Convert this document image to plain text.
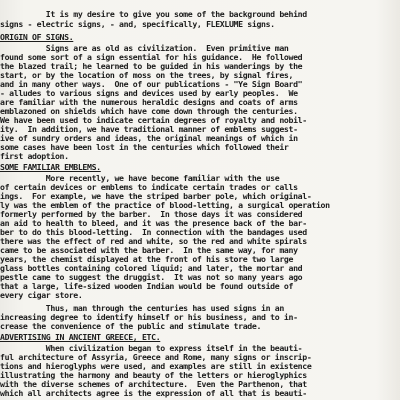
It is my desire to give you some of the background behind

signs - electric signs, - and, specifically, FLEXLUME signs.

ORIGIN OF SIGNS.

Signs are as old as civilization.  Even primitive man

found some sort of a sign essential for his guidance.  He followed

the blazed trail; he learned to be guided in his wanderings by the

start, or by the location of moss on the trees, by signal fires,

and in many other ways.  One of our publications - "Ye Sign Board"

- alludes to various signs and devices used by early peoples.  We

are familiar with the numerous heraldic designs and coats of arms

emblazoned on shields which have come down through the centuries.

We have been used to indicate certain degrees of royalty and nobil-

ity.  In addition, we have traditional manner of emblems suggest-

ive of sundry orders and ideas, the original meanings of which in

some cases have been lost in the centuries which followed their

first adoption.

SOME FAMILIAR EMBLEMS.

More recently, we have become familiar with the use

of certain devices or emblems to indicate certain trades or calls

ings.  For example, we have the striped barber pole, which original-

ly was the emblem of the practice of blood-letting, a surgical operation

formerly performed by the barber.  In those days it was considered

an aid to health to bleed, and it was the presence back of the bar-

ber to do this blood-letting.  In connection with the bandages used

there was the effect of red and white, so the red and white spirals

came to be associated with the barber.  In the same way, for many

years, the chemist displayed at the front of his store two large

glass bottles containing colored liquid; and later, the mortar and

pestle came to suggest the druggist.  It was not so many years ago

that a large, life-sized wooden Indian would be found outside of

every cigar store.

Thus, man through the centuries has used signs in an

increasing degree to identify himself or his business, and to in-

crease the convenience of the public and stimulate trade.

ADVERTISING IN ANCIENT GREECE, ETC.

When civilization began to express itself in the beauti-

ful architecture of Assyria, Greece and Rome, many signs or inscrip-

tions and hieroglyphs were used, and examples are still in existence

illustrating the harmony and beauty of the letters or hieroglyphics

with the diverse schemes of architecture.  Even the Parthenon, that

which all architects agree is the expression of all that is beauti-
